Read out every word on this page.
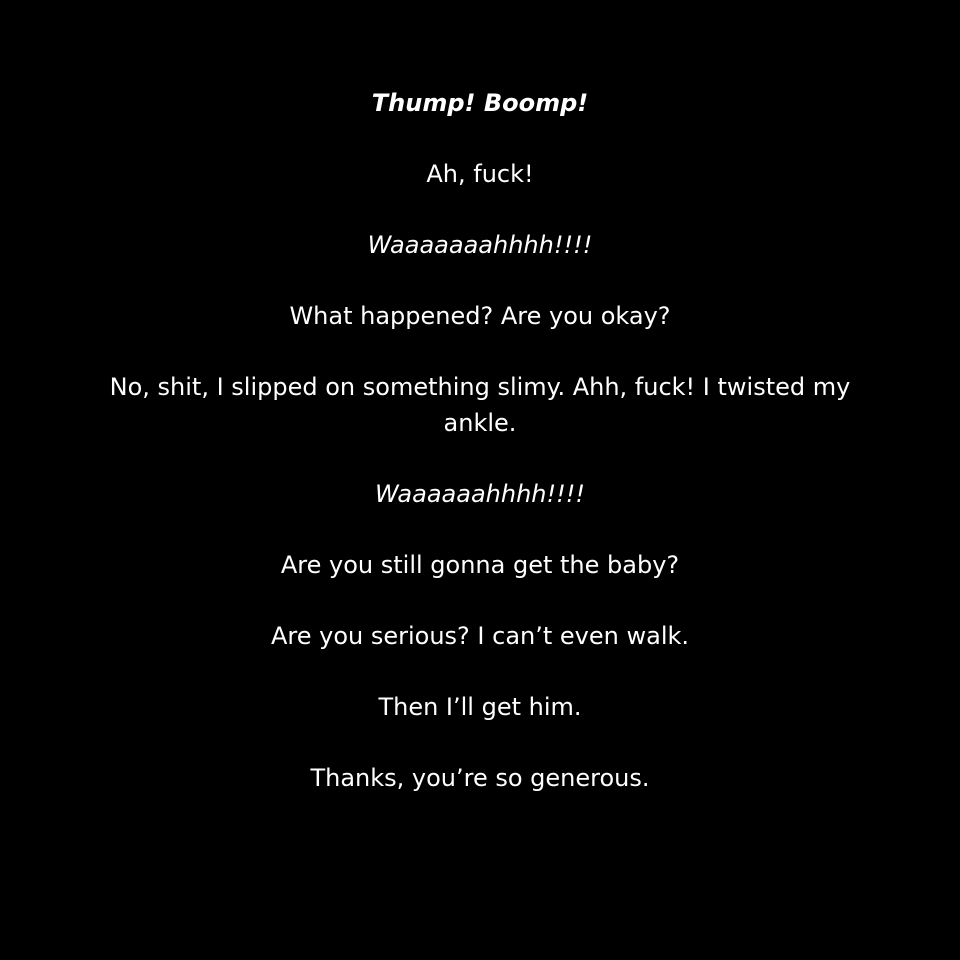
Thump! Boomp!

Ah, fuck!

Waaaaaaahhhh!!!!

What happened? Are you okay?

No, shit, I slipped on something slimy. Ahh, fuck! I twisted my ankle.

Waaaaaahhhh!!!!

Are you still gonna get the baby?

Are you serious? I can’t even walk.

Then I’ll get him.

Thanks, you’re so generous.
